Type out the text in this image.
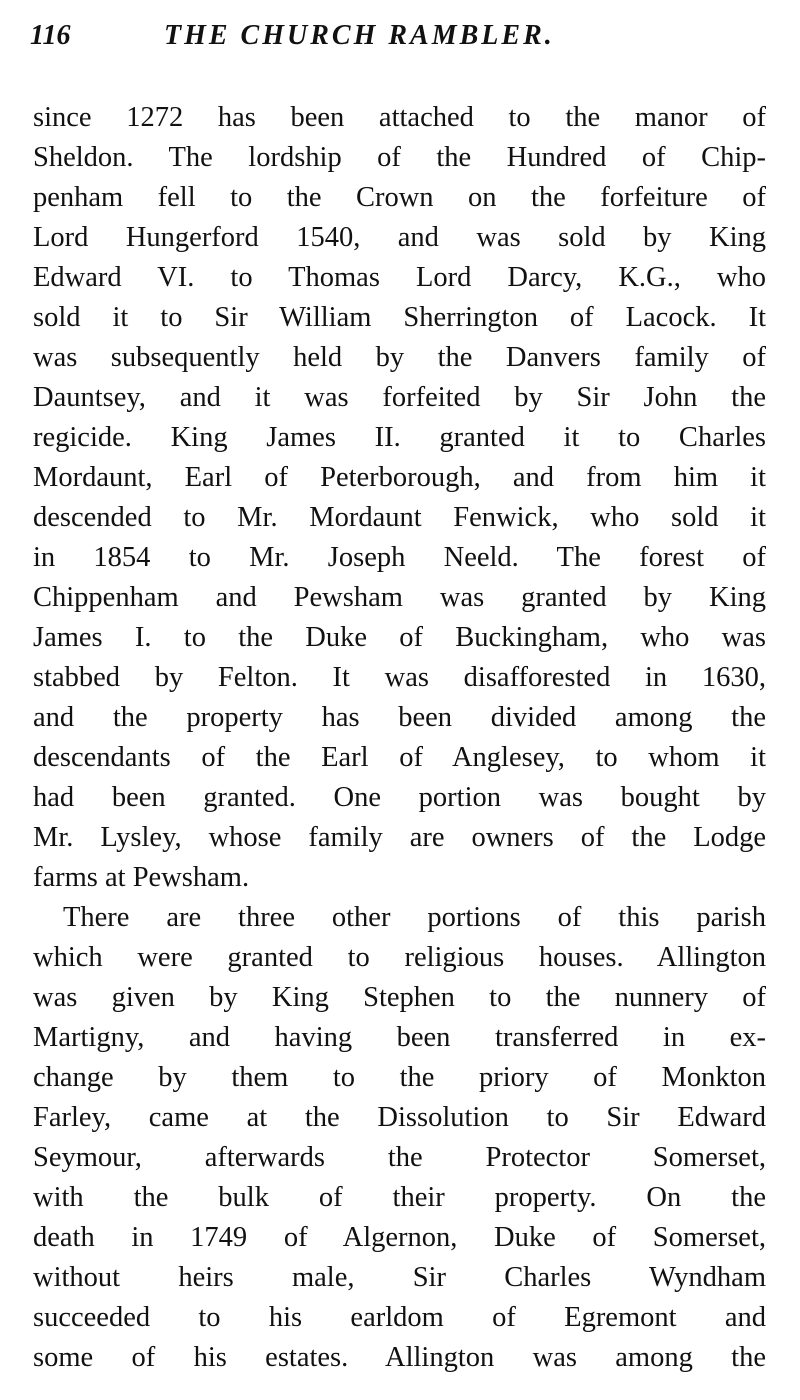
116	THE CHURCH RAMBLER.
since 1272 has been attached to the manor of
Sheldon. The lordship of the Hundred of Chip-
penham fell to the Crown on the forfeiture of
Lord Hungerford 1540, and was sold by King
Edward VI. to Thomas Lord Darcy, K.G., who
sold it to Sir William Sherrington of Lacock. It
was subsequently held by the Danvers family of
Dauntsey, and it was forfeited by Sir John the
regicide. King James II. granted it to Charles
Mordaunt, Earl of Peterborough, and from him it
descended to Mr. Mordaunt Fenwick, who sold it
in 1854 to Mr. Joseph Neeld. The forest of
Chippenham and Pewsham was granted by King
James I. to the Duke of Buckingham, who was
stabbed by Felton. It was disafforested in 1630,
and the property has been divided among the
descendants of the Earl of Anglesey, to whom it
had been granted. One portion was bought by
Mr. Lysley, whose family are owners of the Lodge
farms at Pewsham.
There are three other portions of this parish
which were granted to religious houses. Allington
was given by King Stephen to the nunnery of
Martigny, and having been transferred in ex-
change by them to the priory of Monkton
Farley, came at the Dissolution to Sir Edward
Seymour, afterwards the Protector Somerset,
with the bulk of their property. On the
death in 1749 of Algernon, Duke of Somerset,
without heirs male, Sir Charles Wyndham
succeeded to his earldom of Egremont and
some of his estates. Allington was among the
